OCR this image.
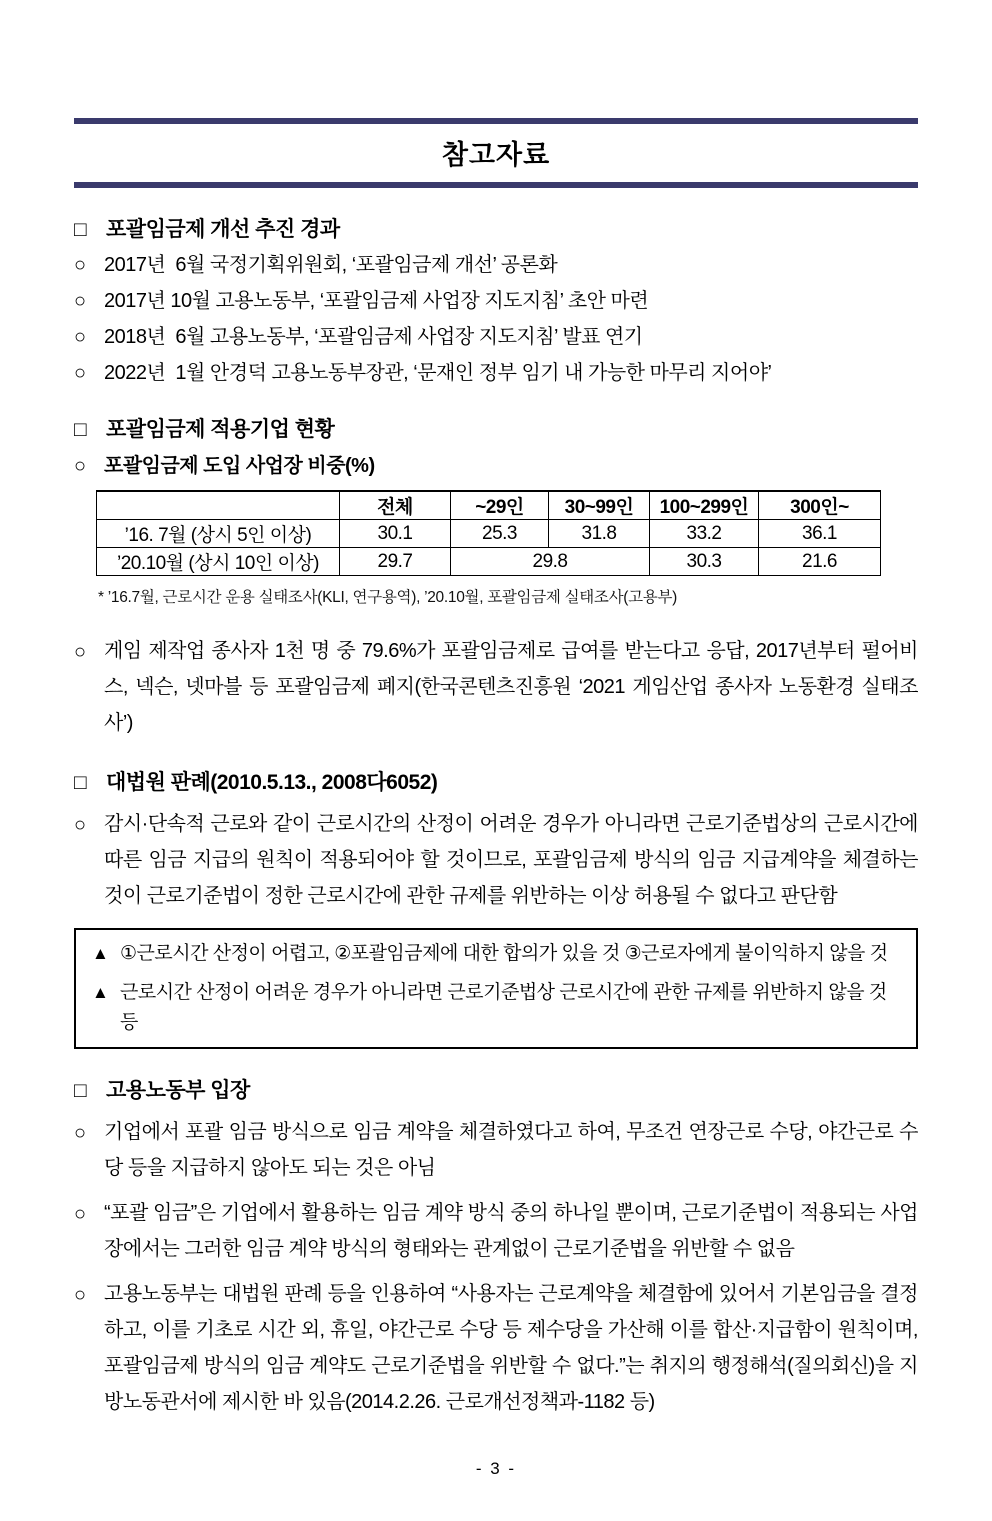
참고자료
□ 포괄임금제 개선 추진 경과
○ 2017년  6월 국정기획위원회, ‘포괄임금제 개선’ 공론화
○ 2017년 10월 고용노동부, ‘포괄임금제 사업장 지도지침’ 초안 마련
○ 2018년  6월 고용노동부, ‘포괄임금제 사업장 지도지침’ 발표 연기
○ 2022년  1월 안경덕 고용노동부장관, ‘문재인 정부 임기 내 가능한 마무리 지어야’
□ 포괄임금제 적용기업 현황
○ 포괄임금제 도입 사업장 비중(%)
	전체	~29인	30~99인	100~299인	300인~
’16. 7월 (상시 5인 이상)	30.1	25.3	31.8	33.2	36.1
’20.10월 (상시 10인 이상)	29.7	29.8		30.3	21.6
* ’16.7월, 근로시간 운용 실태조사(KLI, 연구용역), ’20.10월, 포괄임금제 실태조사(고용부)
○ 게임 제작업 종사자 1천 명 중 79.6%가 포괄임금제로 급여를 받는다고 응답, 2017년부터 펄어비스, 넥슨, 넷마블 등 포괄임금제 폐지(한국콘텐츠진흥원 ‘2021 게임산업 종사자 노동환경 실태조사’)
□ 대법원 판례(2010.5.13., 2008다6052)
○ 감시·단속적 근로와 같이 근로시간의 산정이 어려운 경우가 아니라면 근로기준법상의 근로시간에 따른 임금 지급의 원칙이 적용되어야 할 것이므로, 포괄임금제 방식의 임금 지급계약을 체결하는 것이 근로기준법이 정한 근로시간에 관한 규제를 위반하는 이상 허용될 수 없다고 판단함
▲ ①근로시간 산정이 어렵고, ②포괄임금제에 대한 합의가 있을 것 ③근로자에게 불이익하지 않을 것
▲ 근로시간 산정이 어려운 경우가 아니라면 근로기준법상 근로시간에 관한 규제를 위반하지 않을 것 등
□ 고용노동부 입장
○ 기업에서 포괄 임금 방식으로 임금 계약을 체결하였다고 하여, 무조건 연장근로 수당, 야간근로 수당 등을 지급하지 않아도 되는 것은 아님
○ “포괄 임금”은 기업에서 활용하는 임금 계약 방식 중의 하나일 뿐이며, 근로기준법이 적용되는 사업장에서는 그러한 임금 계약 방식의 형태와는 관계없이 근로기준법을 위반할 수 없음
○ 고용노동부는 대법원 판례 등을 인용하여 “사용자는 근로계약을 체결함에 있어서 기본임금을 결정하고, 이를 기초로 시간 외, 휴일, 야간근로 수당 등 제수당을 가산해 이를 합산·지급함이 원칙이며, 포괄임금제 방식의 임금 계약도 근로기준법을 위반할 수 없다.”는 취지의 행정해석(질의회신)을 지방노동관서에 제시한 바 있음(2014.2.26. 근로개선정책과-1182 등)
- 3 -
